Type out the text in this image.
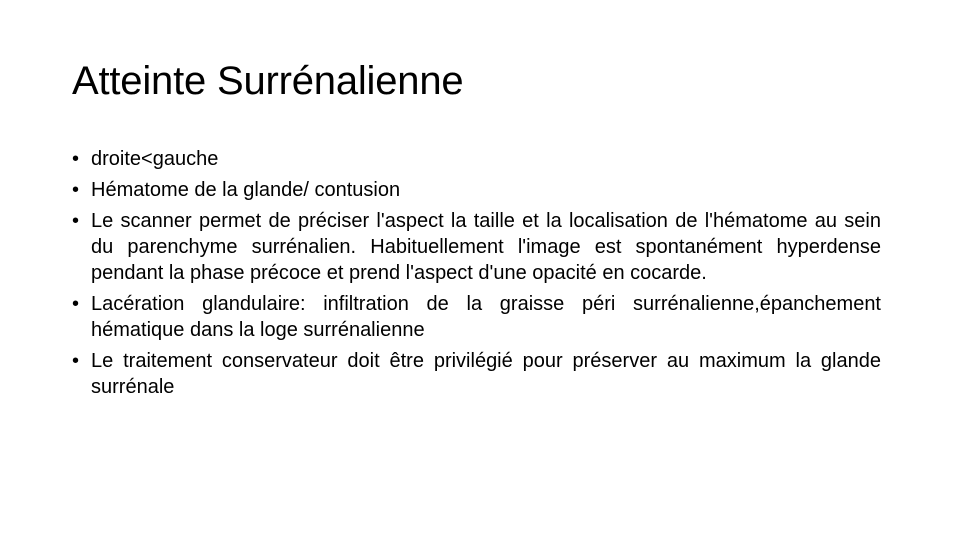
Atteinte Surrénalienne
• droite<gauche
• Hématome de la glande/ contusion
• Le scanner permet de préciser l'aspect la taille et la localisation de l'hématome au sein du parenchyme surrénalien. Habituellement l'image est spontanément hyperdense pendant la phase précoce et prend l'aspect d'une opacité en cocarde.
• Lacération glandulaire: infiltration de la graisse péri surrénalienne,épanchement hématique dans la loge surrénalienne
• Le traitement conservateur doit être privilégié pour préserver au maximum la glande surrénale
